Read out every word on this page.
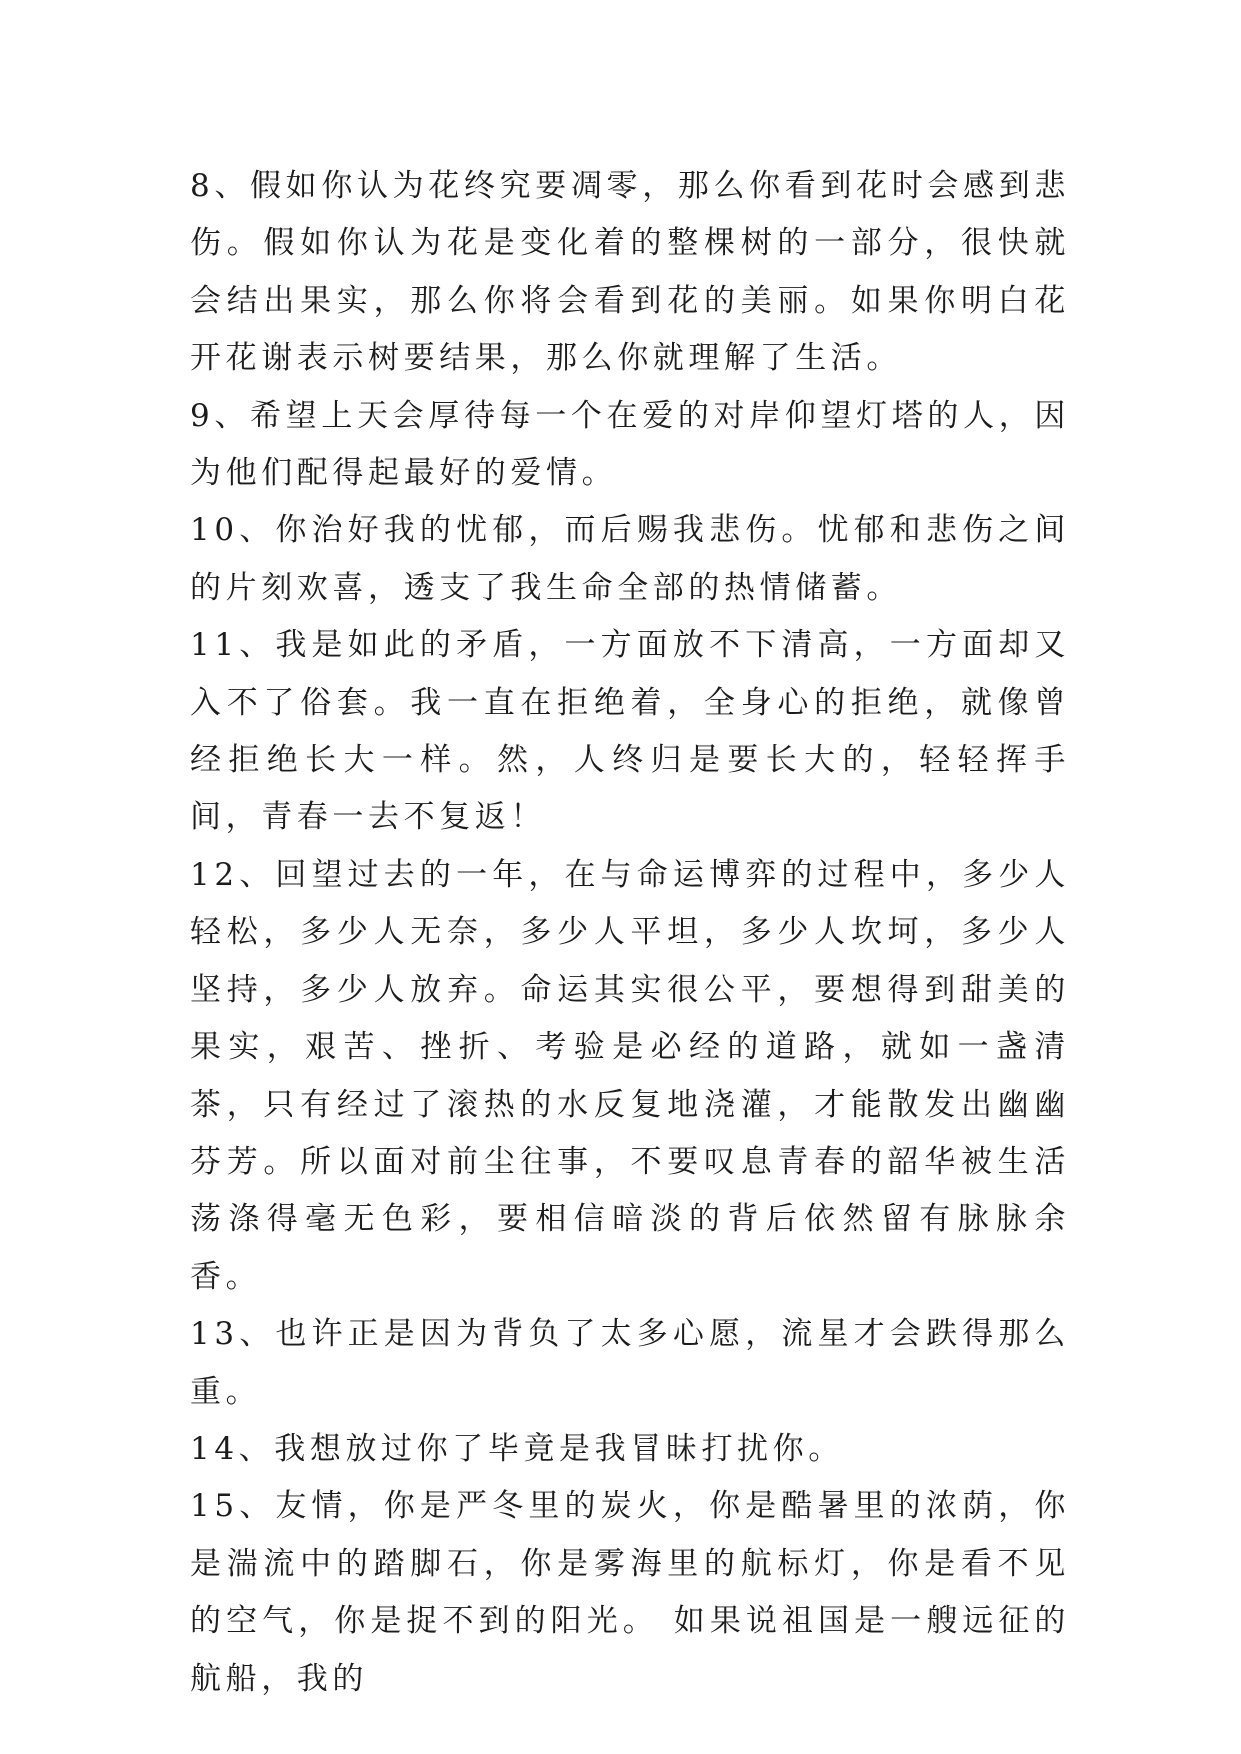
8、假如你认为花终究要凋零，那么你看到花时会感到悲伤。假如你认为花是变化着的整棵树的一部分，很快就会结出果实，那么你将会看到花的美丽。如果你明白花开花谢表示树要结果，那么你就理解了生活。

9、希望上天会厚待每一个在爱的对岸仰望灯塔的人，因为他们配得起最好的爱情。

10、你治好我的忧郁，而后赐我悲伤。忧郁和悲伤之间的片刻欢喜，透支了我生命全部的热情储蓄。

11、我是如此的矛盾，一方面放不下清高，一方面却又入不了俗套。我一直在拒绝着，全身心的拒绝，就像曾经拒绝长大一样。然，人终归是要长大的，轻轻挥手间，青春一去不复返！

12、回望过去的一年，在与命运博弈的过程中，多少人轻松，多少人无奈，多少人平坦，多少人坎坷，多少人坚持，多少人放弃。命运其实很公平，要想得到甜美的果实，艰苦、挫折、考验是必经的道路，就如一盏清茶，只有经过了滚热的水反复地浇灌，才能散发出幽幽芬芳。所以面对前尘往事，不要叹息青春的韶华被生活荡涤得毫无色彩，要相信暗淡的背后依然留有脉脉余香。

13、也许正是因为背负了太多心愿，流星才会跌得那么重。

14、我想放过你了毕竟是我冒昧打扰你。

15、友情，你是严冬里的炭火，你是酷暑里的浓荫，你是湍流中的踏脚石，你是雾海里的航标灯，你是看不见的空气，你是捉不到的阳光。 如果说祖国是一艘远征的航船，我的
